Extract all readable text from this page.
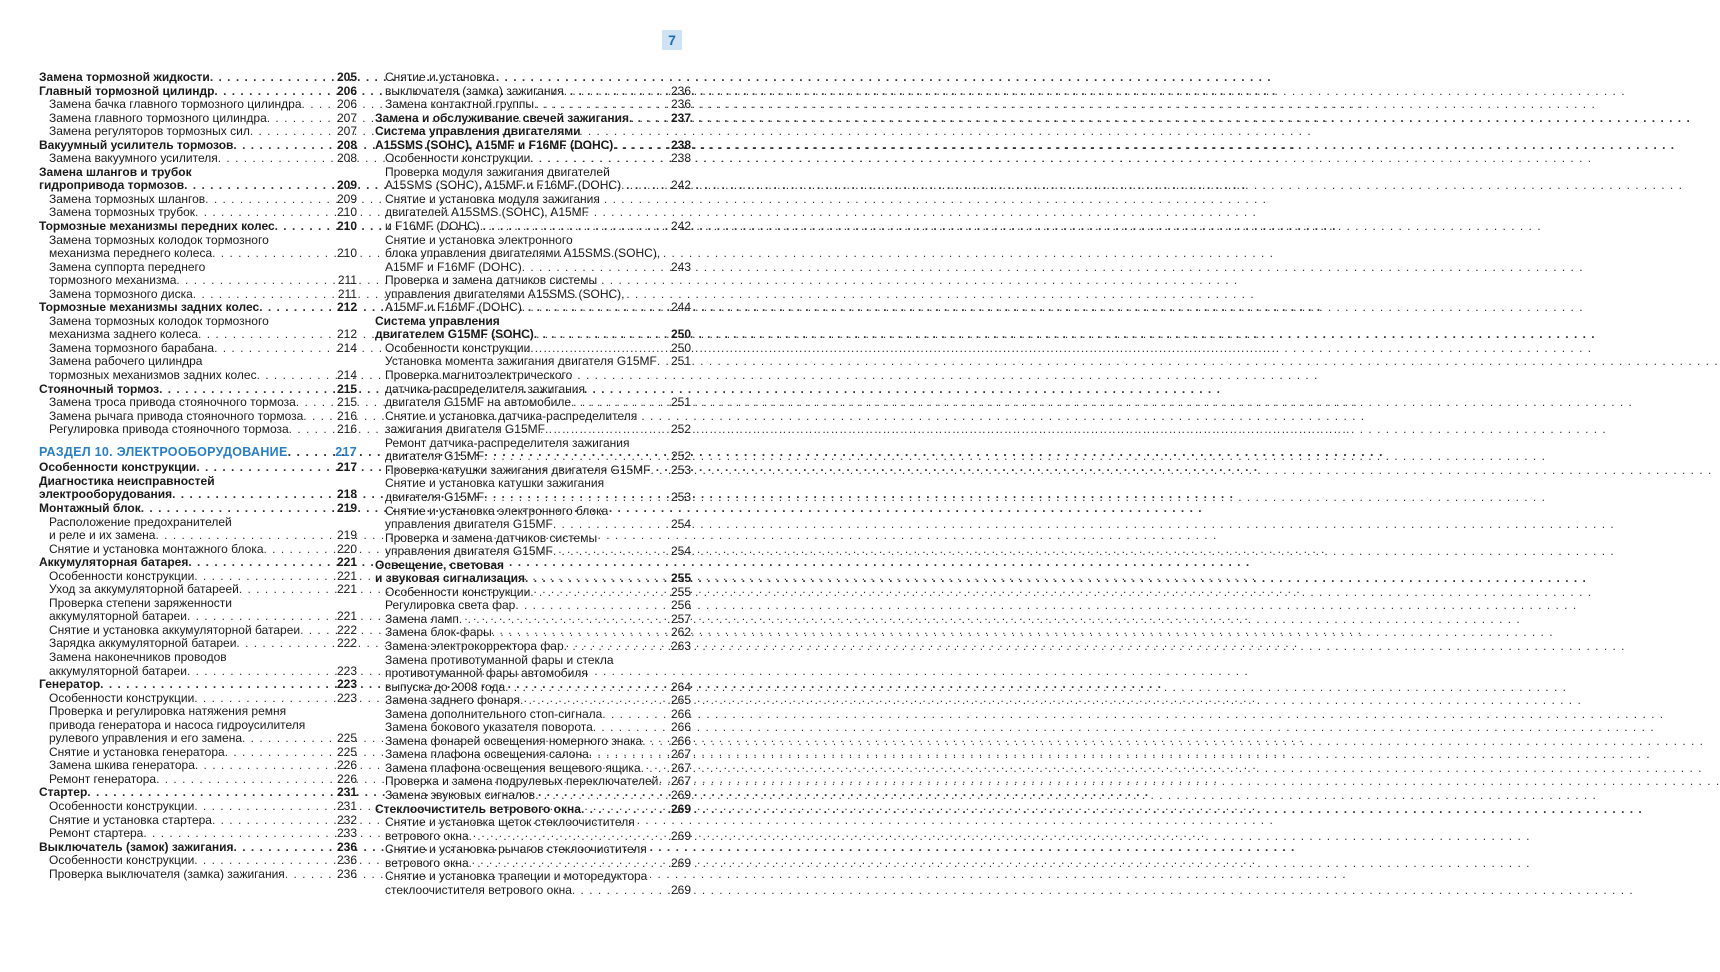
7
Замена тормозной жидкости . . .	205
Главный тормозной цилиндр . . .	206
Замена бачка главного тормозного цилиндра . . .	206
Замена главного тормозного цилиндра . . .	207
Замена регуляторов тормозных сил . . .	207
Вакуумный усилитель тормозов . . .	208
Замена вакуумного усилителя . . .	208
Замена шлангов и трубок
гидропривода тормозов . . .	209
Замена тормозных шлангов . . .	209
Замена тормозных трубок . . .	210
Тормозные механизмы передних колес . . .	210
Замена тормозных колодок тормозного
механизма переднего колеса . . .	210
Замена суппорта переднего
тормозного механизма . . .	211
Замена тормозного диска . . .	211
Тормозные механизмы задних колес . . .	212
Замена тормозных колодок тормозного
механизма заднего колеса . . .	212
Замена тормозного барабана . . .	214
Замена рабочего цилиндра
тормозных механизмов задних колес . . .	214
Стояночный тормоз . . .	215
Замена троса привода стояночного тормоза . . .	215
Замена рычага привода стояночного тормоза . . .	216
Регулировка привода стояночного тормоза . . .	216
РАЗДЕЛ 10. ЭЛЕКТРООБОРУДОВАНИЕ . . .	217
Особенности конструкции . . .	217
Диагностика неисправностей
электрооборудования . . .	218
Монтажный блок . . .	219
Расположение предохранителей
и реле и их замена . . .	219
Снятие и установка монтажного блока . . .	220
Аккумуляторная батарея . . .	221
Особенности конструкции . . .	221
Уход за аккумуляторной батареей . . .	221
Проверка степени заряженности
аккумуляторной батареи . . .	221
Снятие и установка аккумуляторной батареи . . .	222
Зарядка аккумуляторной батареи . . .	222
Замена наконечников проводов
аккумуляторной батареи . . .	223
Генератор . . .	223
Особенности конструкции . . .	223
Проверка и регулировка натяжения ремня
привода генератора и насоса гидроусилителя
рулевого управления и его замена . . .	225
Снятие и установка генератора . . .	225
Замена шкива генератора . . .	226
Ремонт генератора . . .	226
Стартер . . .	231
Особенности конструкции . . .	231
Снятие и установка стартера . . .	232
Ремонт стартера . . .	233
Выключатель (замок) зажигания . . .	236
Особенности конструкции . . .	236
Проверка выключателя (замка) зажигания . . .	236
Снятие и установка
выключателя (замка) зажигания . . .	236
Замена контактной группы . . .	236
Замена и обслуживание свечей зажигания . . .	237
Система управления двигателями
A15SMS (SOHC), A15MF и F16MF (DOHC) . . .	238
Особенности конструкции . . .	238
Проверка модуля зажигания двигателей
A15SMS (SOHC), A15MF и F16MF (DOHC) . . .	242
Снятие и установка модуля зажигания
двигателей A15SMS (SOHC), A15MF
и F16MF (DOHC) . . .	242
Снятие и установка электронного
блока управления двигателями A15SMS (SOHC),
A15MF и F16MF (DOHC) . . .	243
Проверка и замена датчиков системы
управления двигателями A15SMS (SOHC),
A15MF и F16MF (DOHC) . . .	244
Система управления
двигателем G15MF (SOHC) . . .	250
Особенности конструкции . . .	250
Установка момента зажигания двигателя G15MF . . . 251
Проверка магнитоэлектрического
датчика-распределителя зажигания
двигателя G15MF на автомобиле . . .	251
Снятие и установка датчика-распределителя
зажигания двигателя G15MF . . .	252
Ремонт датчика-распределителя зажигания
двигателя G15MF . . .	252
Проверка катушки зажигания двигателя G15MF . . . 253
Снятие и установка катушки зажигания
двигателя G15MF . . .	253
Снятие и установка электронного блока
управления двигателя G15MF . . .	254
Проверка и замена датчиков системы
управления двигателя G15MF . . .	254
Освещение, световая
и звуковая сигнализация . . .	255
Особенности конструкции . . .	255
Регулировка света фар . . .	256
Замена ламп . . .	257
Замена блок-фары . . .	262
Замена электрокорректора фар . . .	263
Замена противотуманной фары и стекла
противотуманной фары автомобиля
выпуска до 2008 года . . .	264
Замена заднего фонаря . . .	265
Замена дополнительного стоп-сигнала . . .	266
Замена бокового указателя поворота . . .	266
Замена фонарей освещения номерного знака . . . 266
Замена плафона освещения салона . . .	267
Замена плафона освещения вещевого ящика . . .	267
Проверка и замена подрулевых переключателей . . . 267
Замена звуковых сигналов . . .	269
Стеклоочиститель ветрового окна . . .	269
Снятие и установка щеток стеклоочистителя
ветрового окна . . .	269
Снятие и установка рычагов стеклоочистителя
ветрового окна . . .	269
Снятие и установка трапеции и моторедуктора
стеклоочистителя ветрового окна . . .	269
